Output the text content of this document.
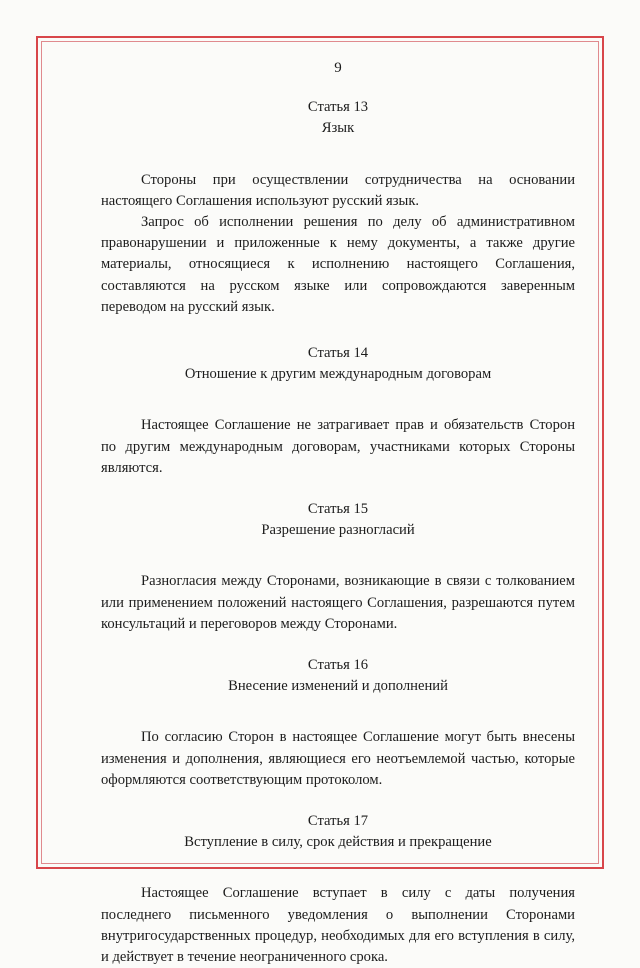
9
Статья 13
Язык

Стороны при осуществлении сотрудничества на основании настоящего Соглашения используют русский язык.

Запрос об исполнении решения по делу об административном правонарушении и приложенные к нему документы, а также другие материалы, относящиеся к исполнению настоящего Соглашения, составляются на русском языке или сопровождаются заверенным переводом на русский язык.

Статья 14
Отношение к другим международным договорам

Настоящее Соглашение не затрагивает прав и обязательств Сторон по другим международным договорам, участниками которых Стороны являются.

Статья 15
Разрешение разногласий

Разногласия между Сторонами, возникающие в связи с толкованием или применением положений настоящего Соглашения, разрешаются путем консультаций и переговоров между Сторонами.

Статья 16
Внесение изменений и дополнений

По согласию Сторон в настоящее Соглашение могут быть внесены изменения и дополнения, являющиеся его неотъемлемой частью, которые оформляются соответствующим протоколом.

Статья 17
Вступление в силу, срок действия и прекращение

Настоящее Соглашение вступает в силу с даты получения последнего письменного уведомления о выполнении Сторонами внутригосударственных процедур, необходимых для его вступления в силу, и действует в течение неограниченного срока.
